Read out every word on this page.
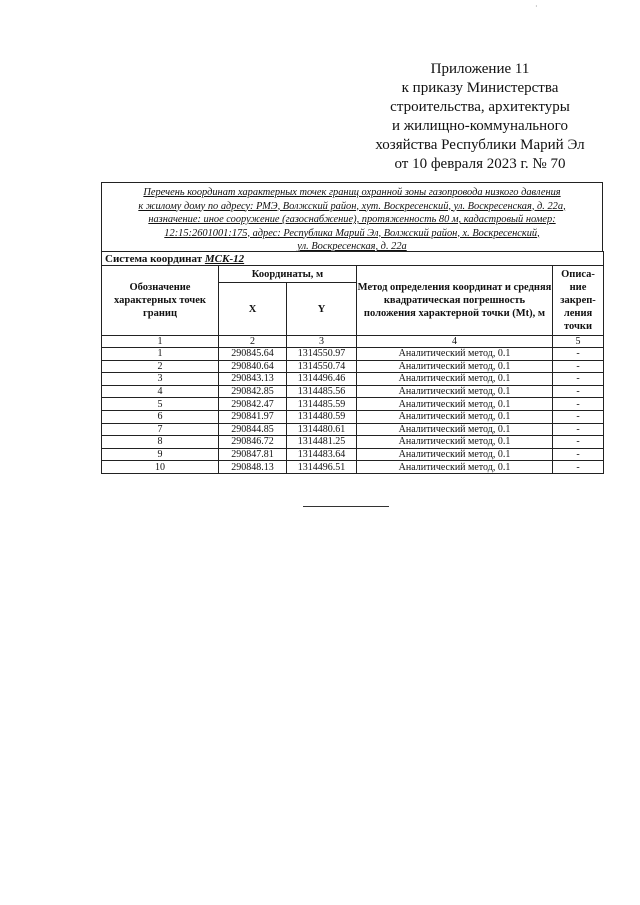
·
Приложение 11
к приказу Министерства
строительства, архитектуры
и жилищно-коммунального
хозяйства Республики Марий Эл
от 10 февраля 2023 г. № 70
Перечень координат характерных точек границ охранной зоны газопровода низкого давления
к жилому дому по адресу: РМЭ, Волжский район, хут. Воскресенский, ул. Воскресенская, д. 22а,
назначение: иное сооружение (газоснабжение), протяженность 80 м, кадастровый номер:
12:15:2601001:175, адрес: Республика Марий Эл, Волжский район, х. Воскресенский,
ул. Воскресенская, д. 22а
Система координат МСК-12				
Обозначение характерных точек границ	Координаты, м		Метод определения координат и средняя квадратическая погрешность положения характерной точки (Mt), м	Описа-ние закреп-ления точки
	X	Y		
1	2	3	4	5
1	290845.64	1314550.97	Аналитический метод, 0.1	-
2	290840.64	1314550.74	Аналитический метод, 0.1	-
3	290843.13	1314496.46	Аналитический метод, 0.1	-
4	290842.85	1314485.56	Аналитический метод, 0.1	-
5	290842.47	1314485.59	Аналитический метод, 0.1	-
6	290841.97	1314480.59	Аналитический метод, 0.1	-
7	290844.85	1314480.61	Аналитический метод, 0.1	-
8	290846.72	1314481.25	Аналитический метод, 0.1	-
9	290847.81	1314483.64	Аналитический метод, 0.1	-
10	290848.13	1314496.51	Аналитический метод, 0.1	-
